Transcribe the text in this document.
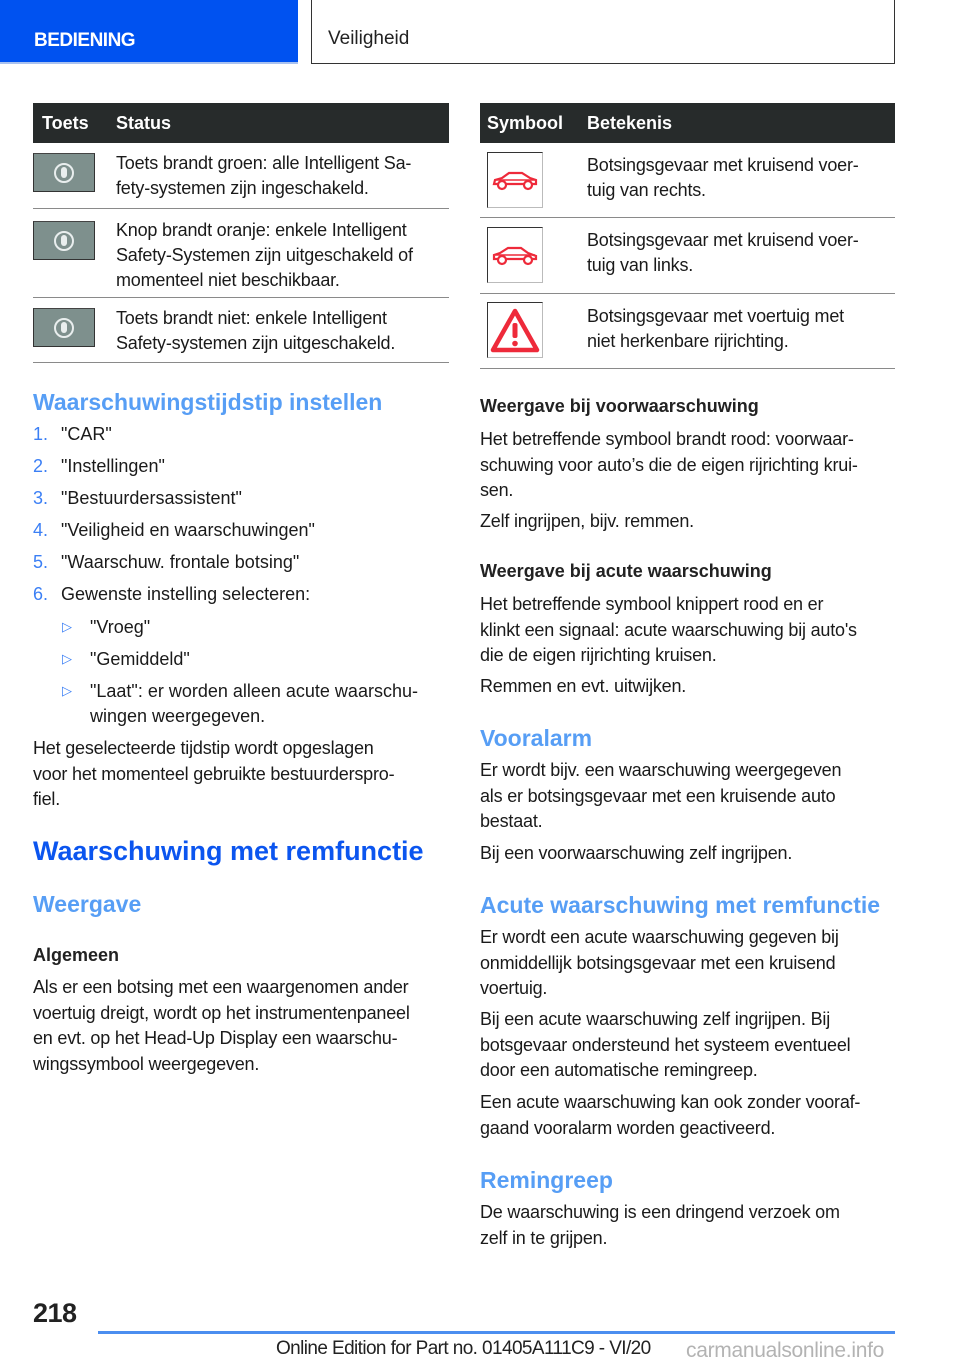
BEDIENING	Veiligheid
Toets	Status
Toets brandt groen: alle Intelligent Sa-
fety-systemen zijn ingeschakeld.
Knop brandt oranje: enkele Intelligent
Safety-Systemen zijn uitgeschakeld of
momenteel niet beschikbaar.
Toets brandt niet: enkele Intelligent
Safety-systemen zijn uitgeschakeld.
Symbool	Betekenis
Botsingsgevaar met kruisend voer-
tuig van rechts.
Botsingsgevaar met kruisend voer-
tuig van links.
Botsingsgevaar met voertuig met
niet herkenbare rijrichting.
Waarschuwingstijdstip instellen
1. "CAR"
2. "Instellingen"
3. "Bestuurdersassistent"
4. "Veiligheid en waarschuwingen"
5. "Waarschuw. frontale botsing"
6. Gewenste instelling selecteren:
▷ "Vroeg"
▷ "Gemiddeld"
▷ "Laat": er worden alleen acute waarschu-
wingen weergegeven.
Het geselecteerde tijdstip wordt opgeslagen
voor het momenteel gebruikte bestuurderspro-
fiel.
Waarschuwing met remfunctie
Weergave
Algemeen
Als er een botsing met een waargenomen ander
voertuig dreigt, wordt op het instrumentenpaneel
en evt. op het Head-Up Display een waarschu-
wingssymbool weergegeven.
Weergave bij voorwaarschuwing
Het betreffende symbool brandt rood: voorwaar-
schuwing voor auto’s die de eigen rijrichting krui-
sen.
Zelf ingrijpen, bijv. remmen.
Weergave bij acute waarschuwing
Het betreffende symbool knippert rood en er
klinkt een signaal: acute waarschuwing bij auto's
die de eigen rijrichting kruisen.
Remmen en evt. uitwijken.
Vooralarm
Er wordt bijv. een waarschuwing weergegeven
als er botsingsgevaar met een kruisende auto
bestaat.
Bij een voorwaarschuwing zelf ingrijpen.
Acute waarschuwing met remfunctie
Er wordt een acute waarschuwing gegeven bij
onmiddellijk botsingsgevaar met een kruisend
voertuig.
Bij een acute waarschuwing zelf ingrijpen. Bij
botsgevaar ondersteund het systeem eventueel
door een automatische remingreep.
Een acute waarschuwing kan ook zonder vooraf-
gaand vooralarm worden geactiveerd.
Remingreep
De waarschuwing is een dringend verzoek om
zelf in te grijpen.
218
Online Edition for Part no. 01405A111C9 - VI/20 carmanualsonline.info
